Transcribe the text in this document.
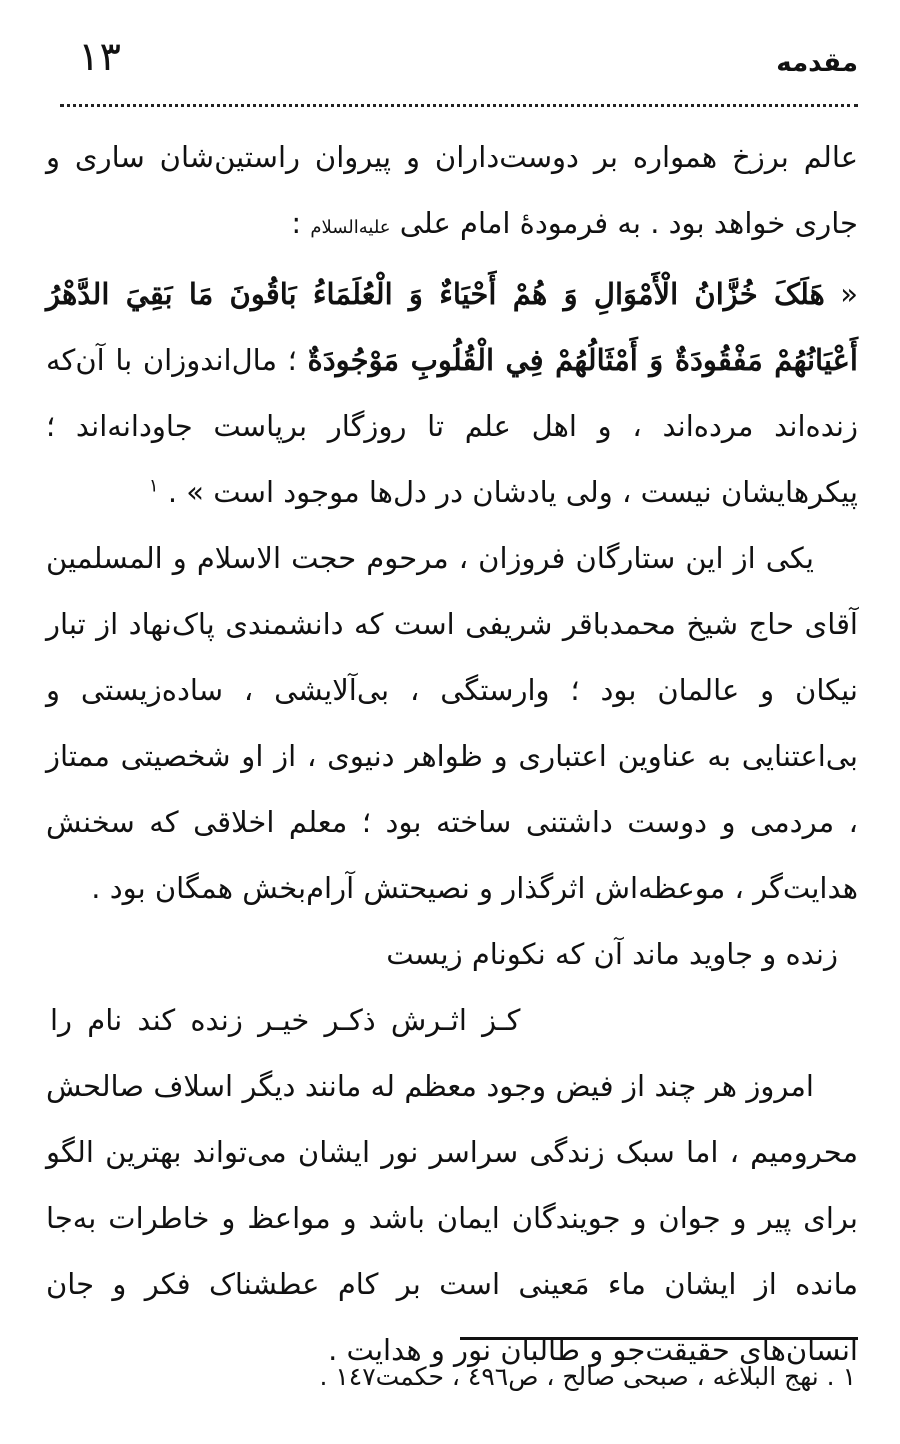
مقدمه
١٣

عالم برزخ همواره بر دوست‌داران و پیروان راستین‌شان ساری و جاری خواهد بود . به فرمودهٔ امام علی عليه‌السلام :

« هَلَکَ خُزَّانُ الْأَمْوَالِ وَ هُمْ أَحْيَاءٌ وَ الْعُلَمَاءُ بَاقُونَ مَا بَقِيَ الدَّهْرُ أَعْيَانُهُمْ مَفْقُودَةٌ وَ أَمْثَالُهُمْ فِي الْقُلُوبِ مَوْجُودَةٌ ؛ مال‌اندوزان با آن‌که زنده‌اند مرده‌اند ، و اهل علم تا روزگار برپاست جاودانه‌اند ؛ پیکرهایشان نیست ، ولی یادشان در دل‌ها موجود است » . $^١$

یکی از این ستارگان فروزان ، مرحوم حجت الاسلام و المسلمین آقای حاج شیخ محمدباقر شریفی است که دانشمندی پاک‌نهاد از تبار نیکان و عالمان بود ؛ وارستگی ، بی‌آلایشی ، ساده‌زیستی و بی‌اعتنایی به عناوین اعتباری و ظواهر دنیوی ، از او شخصیتی ممتاز ، مردمی و دوست داشتنی ساخته بود ؛ معلم اخلاقی که سخنش هدایت‌گر ، موعظه‌اش اثرگذار و نصیحتش آرام‌بخش همگان بود .

زنده و جاوید ماند آن که نکونام زیست

کـز اثـرش ذکـر خیـر زنده کند نام را

امروز هر چند از فیض وجود معظم له مانند دیگر اسلاف صالحش محرومیم ، اما سبک زندگی سراسر نور ایشان می‌تواند بهترین الگو برای پیر و جوان و جویندگان ایمان باشد و مواعظ و خاطرات به‌جا مانده از ایشان ماء مَعینی است بر کام عطشناک فکر و جان انسان‌های حقیقت‌جو و طالبان نور و هدایت .

١ . نهج البلاغه ، صبحی صالح ، ص٤٩٦ ، حکمت١٤٧ .
